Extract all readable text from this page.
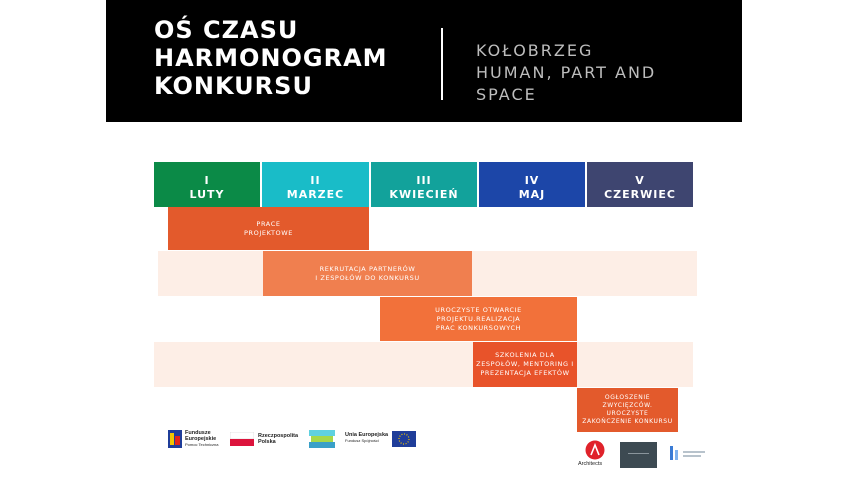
OŚ CZASU
HARMONOGRAM
KONKURSU
KOŁOBRZEG
HUMAN, PART AND
SPACE
I
LUTY
II
MARZEC
III
KWIECIEŃ
IV
MAJ
V
CZERWIEC
PRACE
PROJEKTOWE
REKRUTACJA PARTNERÓW
I ZESPOŁÓW DO KONKURSU
UROCZYSTE OTWARCIE
PROJEKTU.REALIZACJA
PRAC KONKURSOWYCH
SZKOLENIA DLA
ZESPOŁÓW, MENTORING I
PREZENTACJA EFEKTÓW
OGŁOSZENIE
ZWYCIĘZCÓW.
UROCZYSTE
ZAKOŃCZENIE KONKURSU
Fundusze
Europejskie
Pomoc Techniczna
Rzeczpospolita
Polska
Unia Europejska
Fundusz Spójności
Architects
